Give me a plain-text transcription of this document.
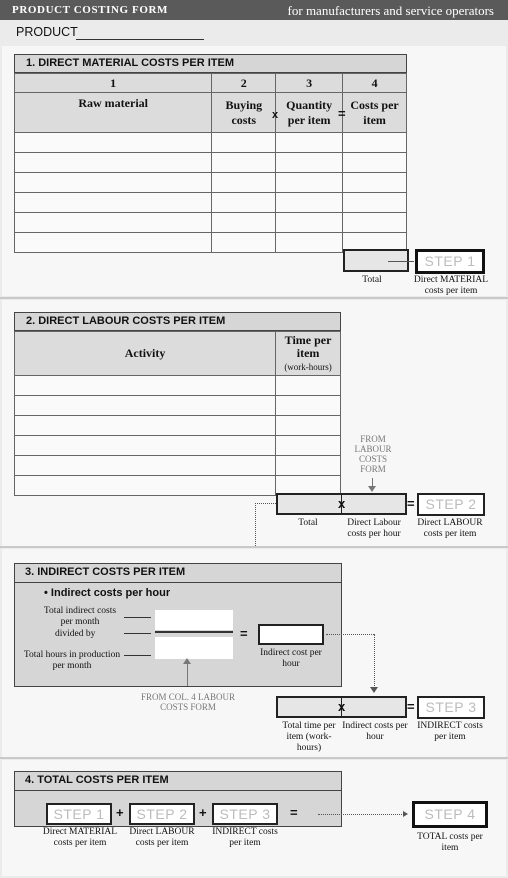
PRODUCT COSTING FORM	for manufacturers and service operators
PRODUCT
1. DIRECT MATERIAL COSTS PER ITEM
1	2	3	4
Raw material	Buying costs	Quantity per item	Costs per item

x	=
STEP 1
Total	Direct MATERIAL costs per item
2. DIRECT LABOUR COSTS PER ITEM
Activity	Time per item
(work-hours)

FROM LABOUR COSTS FORM
x	= STEP 2
Total	Direct Labour costs per hour
Direct LABOUR costs per item
3. INDIRECT COSTS PER ITEM
• Indirect costs per hour
Total indirect costs per month
divided by
Total hours in production per month
=
Indirect cost per hour
FROM COL. 4 LABOUR COSTS FORM	x	= STEP 3
Total time per item (work-hours)
Indirect costs per hour
INDIRECT costs per item
4. TOTAL COSTS PER ITEM
STEP 1 + STEP 2 + STEP 3	=	STEP 4
Direct MATERIAL costs per item
Direct LABOUR costs per item
INDIRECT costs per item
TOTAL costs per item
